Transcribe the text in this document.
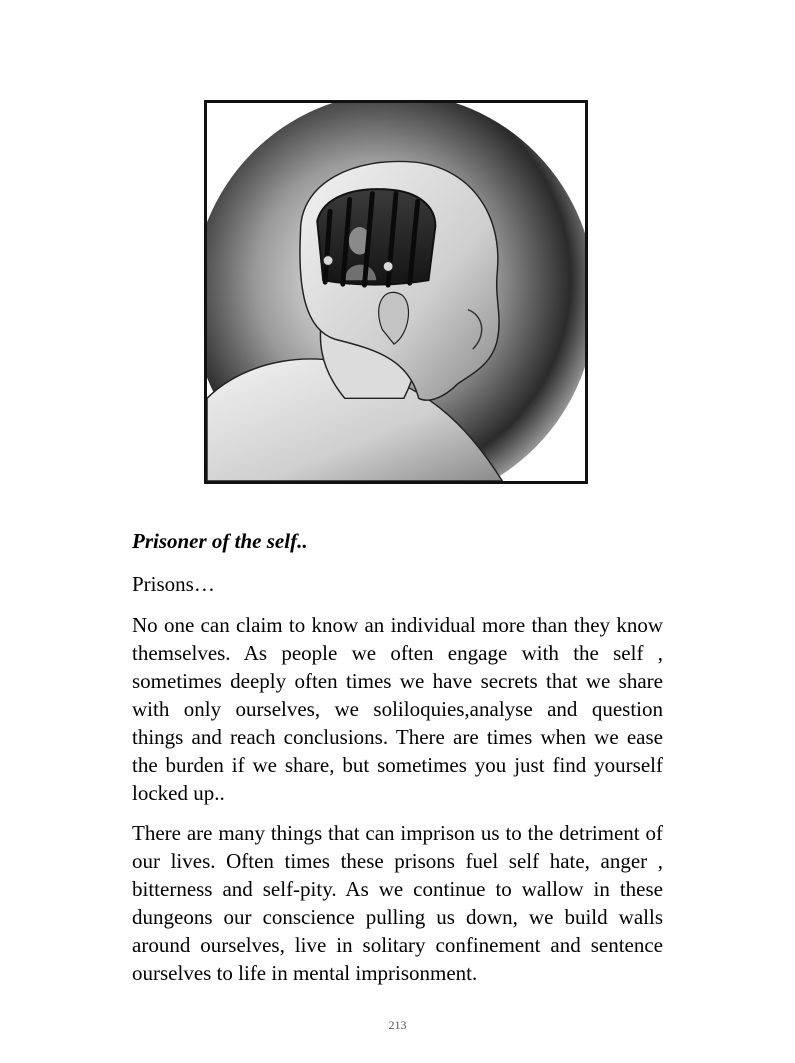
Prisoner of the self..
Prisons…
No one can claim to know an individual more than they know themselves. As people we often engage with the self , sometimes deeply often times we have secrets that we share with only ourselves, we soliloquies,analyse and question things and reach conclusions. There are times when we ease the burden if we share, but sometimes you just find yourself locked up..
There are many things that can imprison us to the detriment of our lives. Often times these prisons fuel self hate, anger , bitterness and self-pity. As we continue to wallow in these dungeons our conscience pulling us down, we build walls around ourselves, live in solitary confinement and sentence ourselves to life in mental imprisonment.
213
